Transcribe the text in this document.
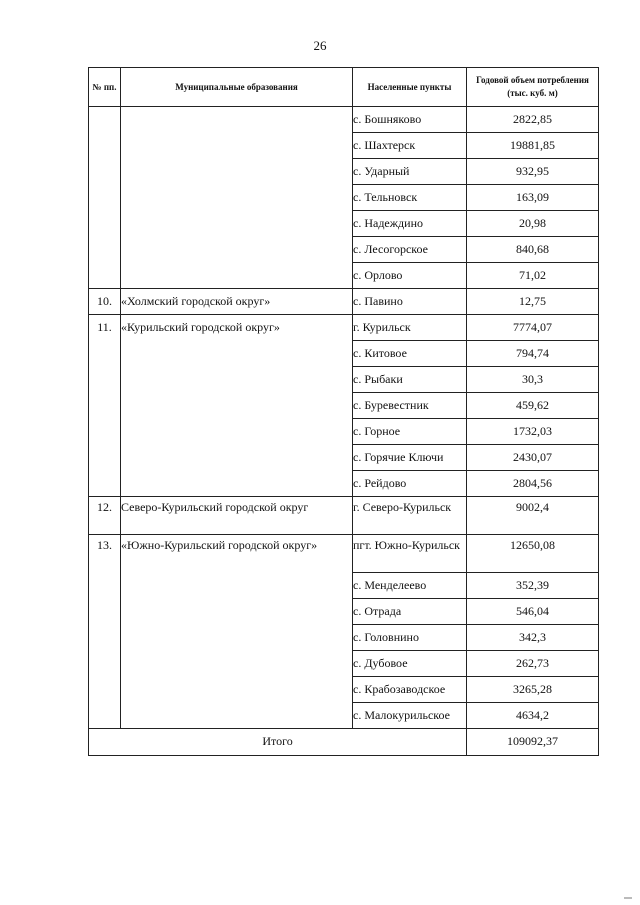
26
№ пп.	Муниципальные образования	Населенные пункты	Годовой объем потребления (тыс. куб. м)
		с. Бошняково	2822,85
		с. Шахтерск	19881,85
		с. Ударный	932,95
		с. Тельновск	163,09
		с. Надеждино	20,98
		с. Лесогорское	840,68
		с. Орлово	71,02
10.	«Холмский городской округ»	с. Павино	12,75
11.	«Курильский городской округ»	г. Курильск	7774,07
		с. Китовое	794,74
		с. Рыбаки	30,3
		с. Буревестник	459,62
		с. Горное	1732,03
		с. Горячие Ключи	2430,07
		с. Рейдово	2804,56
12.	Северо-Курильский городской округ	г. Северо-Курильск	9002,4
13.	«Южно-Курильский городской округ»	пгт. Южно-Курильск	12650,08
		с. Менделеево	352,39
		с. Отрада	546,04
		с. Головнино	342,3
		с. Дубовое	262,73
		с. Крабозаводское	3265,28
		с. Малокурильское	4634,2
Итого			109092,37
